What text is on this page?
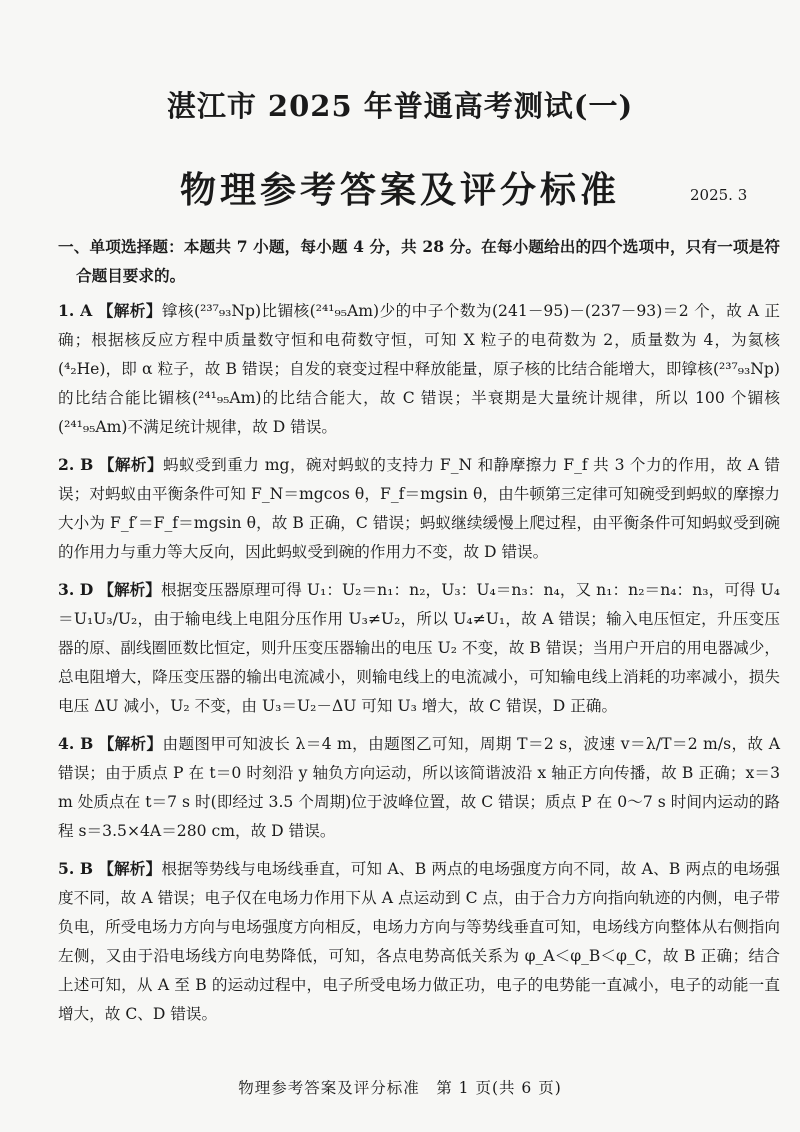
湛江市 2025 年普通高考测试(一)
物理参考答案及评分标准	2025. 3

一、单项选择题：本题共 7 小题，每小题 4 分，共 28 分。在每小题给出的四个选项中，只有一项是符合题目要求的。

1. A 【解析】镎核(²³⁷₉₃Np)比镅核(²⁴¹₉₅Am)少的中子个数为(241－95)－(237－93)＝2 个，故 A 正确；根据核反应方程中质量数守恒和电荷数守恒，可知 X 粒子的电荷数为 2，质量数为 4，为氦核(⁴₂He)，即 α 粒子，故 B 错误；自发的衰变过程中释放能量，原子核的比结合能增大，即镎核(²³⁷₉₃Np)的比结合能比镅核(²⁴¹₉₅Am)的比结合能大，故 C 错误；半衰期是大量统计规律，所以 100 个镅核(²⁴¹₉₅Am)不满足统计规律，故 D 错误。

2. B 【解析】蚂蚁受到重力 mg，碗对蚂蚁的支持力 F_N 和静摩擦力 F_f 共 3 个力的作用，故 A 错误；对蚂蚁由平衡条件可知 F_N＝mgcos θ，F_f＝mgsin θ，由牛顿第三定律可知碗受到蚂蚁的摩擦力大小为 F_f′＝F_f＝mgsin θ，故 B 正确，C 错误；蚂蚁继续缓慢上爬过程，由平衡条件可知蚂蚁受到碗的作用力与重力等大反向，因此蚂蚁受到碗的作用力不变，故 D 错误。

3. D 【解析】根据变压器原理可得 U₁：U₂＝n₁：n₂，U₃：U₄＝n₃：n₄，又 n₁：n₂＝n₄：n₃，可得 U₄＝U₁U₃/U₂，由于输电线上电阻分压作用 U₃≠U₂，所以 U₄≠U₁，故 A 错误；输入电压恒定，升压变压器的原、副线圈匝数比恒定，则升压变压器输出的电压 U₂ 不变，故 B 错误；当用户开启的用电器减少，总电阻增大，降压变压器的输出电流减小，则输电线上的电流减小，可知输电线上消耗的功率减小，损失电压 ΔU 减小，U₂ 不变，由 U₃＝U₂－ΔU 可知 U₃ 增大，故 C 错误，D 正确。

4. B 【解析】由题图甲可知波长 λ＝4 m，由题图乙可知，周期 T＝2 s，波速 v＝λ/T＝2 m/s，故 A 错误；由于质点 P 在 t＝0 时刻沿 y 轴负方向运动，所以该简谐波沿 x 轴正方向传播，故 B 正确；x＝3 m 处质点在 t＝7 s 时(即经过 3.5 个周期)位于波峰位置，故 C 错误；质点 P 在 0～7 s 时间内运动的路程 s＝3.5×4A＝280 cm，故 D 错误。

5. B 【解析】根据等势线与电场线垂直，可知 A、B 两点的电场强度方向不同，故 A、B 两点的电场强度不同，故 A 错误；电子仅在电场力作用下从 A 点运动到 C 点，由于合力方向指向轨迹的内侧，电子带负电，所受电场力方向与电场强度方向相反，电场力方向与等势线垂直可知，电场线方向整体从右侧指向左侧，又由于沿电场线方向电势降低，可知，各点电势高低关系为 φ_A＜φ_B＜φ_C，故 B 正确；结合上述可知，从 A 至 B 的运动过程中，电子所受电场力做正功，电子的电势能一直减小，电子的动能一直增大，故 C、D 错误。

物理参考答案及评分标准　第 1 页(共 6 页)
